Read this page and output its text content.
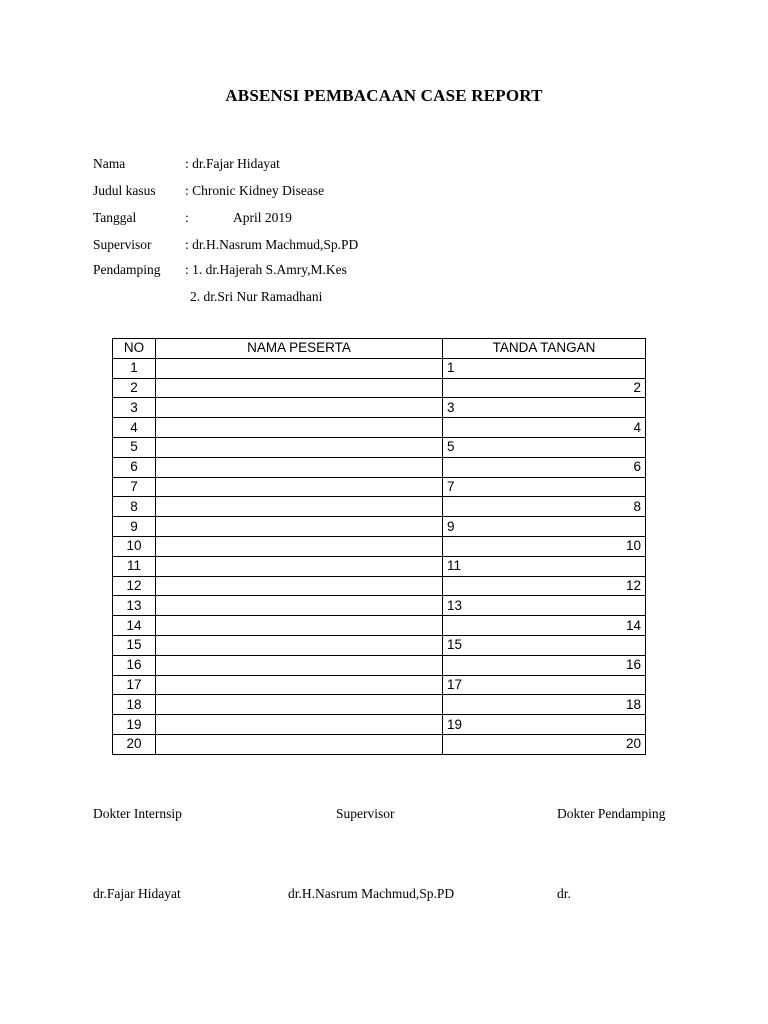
ABSENSI PEMBACAAN CASE REPORT
Nama	: dr.Fajar Hidayat
Judul kasus : Chronic Kidney Disease
Tanggal	:	April 2019
Supervisor : dr.H.Nasrum Machmud,Sp.PD
Pendamping : 1. dr.Hajerah S.Amry,M.Kes
2. dr.Sri Nur Ramadhani
NO	NAMA PESERTA	TANDA TANGAN
1		1
2		2
3		3
4		4
5		5
6		6
7		7
8		8
9		9
10		10
11		11
12		12
13		13
14		14
15		15
16		16
17		17
18		18
19		19
20		20
Dokter Internsip	Supervisor	Dokter Pendamping
dr.Fajar Hidayat	dr.H.Nasrum Machmud,Sp.PD	dr.
